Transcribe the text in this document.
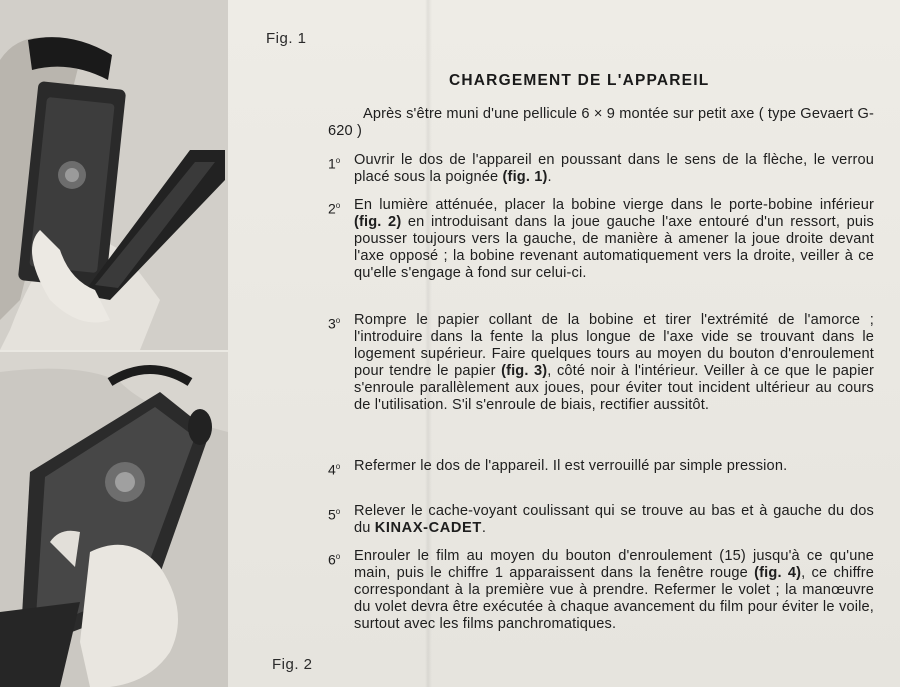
Fig. 1
Fig. 2
CHARGEMENT DE L'APPAREIL
Après s'être muni d'une pellicule 6 × 9 montée sur petit axe ( type Gevaert G-620 )
1$^o$ Ouvrir le dos de l'appareil en poussant dans le sens de la flèche, le verrou placé sous la poignée (fig. 1).
2$^o$ En lumière atténuée, placer la bobine vierge dans le porte-bobine inférieur (fig. 2) en introduisant dans la joue gauche l'axe entouré d'un ressort, puis pousser toujours vers la gauche, de manière à amener la joue droite devant l'axe opposé ; la bobine revenant automatiquement vers la droite, veiller à ce qu'elle s'engage à fond sur celui-ci.
3$^o$ Rompre le papier collant de la bobine et tirer l'extrémité de l'amorce ; l'introduire dans la fente la plus longue de l'axe vide se trouvant dans le logement supérieur. Faire quelques tours au moyen du bouton d'enroulement pour tendre le papier (fig. 3), côté noir à l'intérieur. Veiller à ce que le papier s'enroule parallèlement aux joues, pour éviter tout incident ultérieur au cours de l'utilisation. S'il s'enroule de biais, rectifier aussitôt.
4$^o$ Refermer le dos de l'appareil. Il est verrouillé par simple pression.
5$^o$ Relever le cache-voyant coulissant qui se trouve au bas et à gauche du dos du KINAX-CADET.
6$^o$ Enrouler le film au moyen du bouton d'enroulement (15) jusqu'à ce qu'une main, puis le chiffre 1 apparaissent dans la fenêtre rouge (fig. 4), ce chiffre correspondant à la première vue à prendre. Refermer le volet ; la manœuvre du volet devra être exécutée à chaque avancement du film pour éviter le voile, surtout avec les films panchromatiques.
